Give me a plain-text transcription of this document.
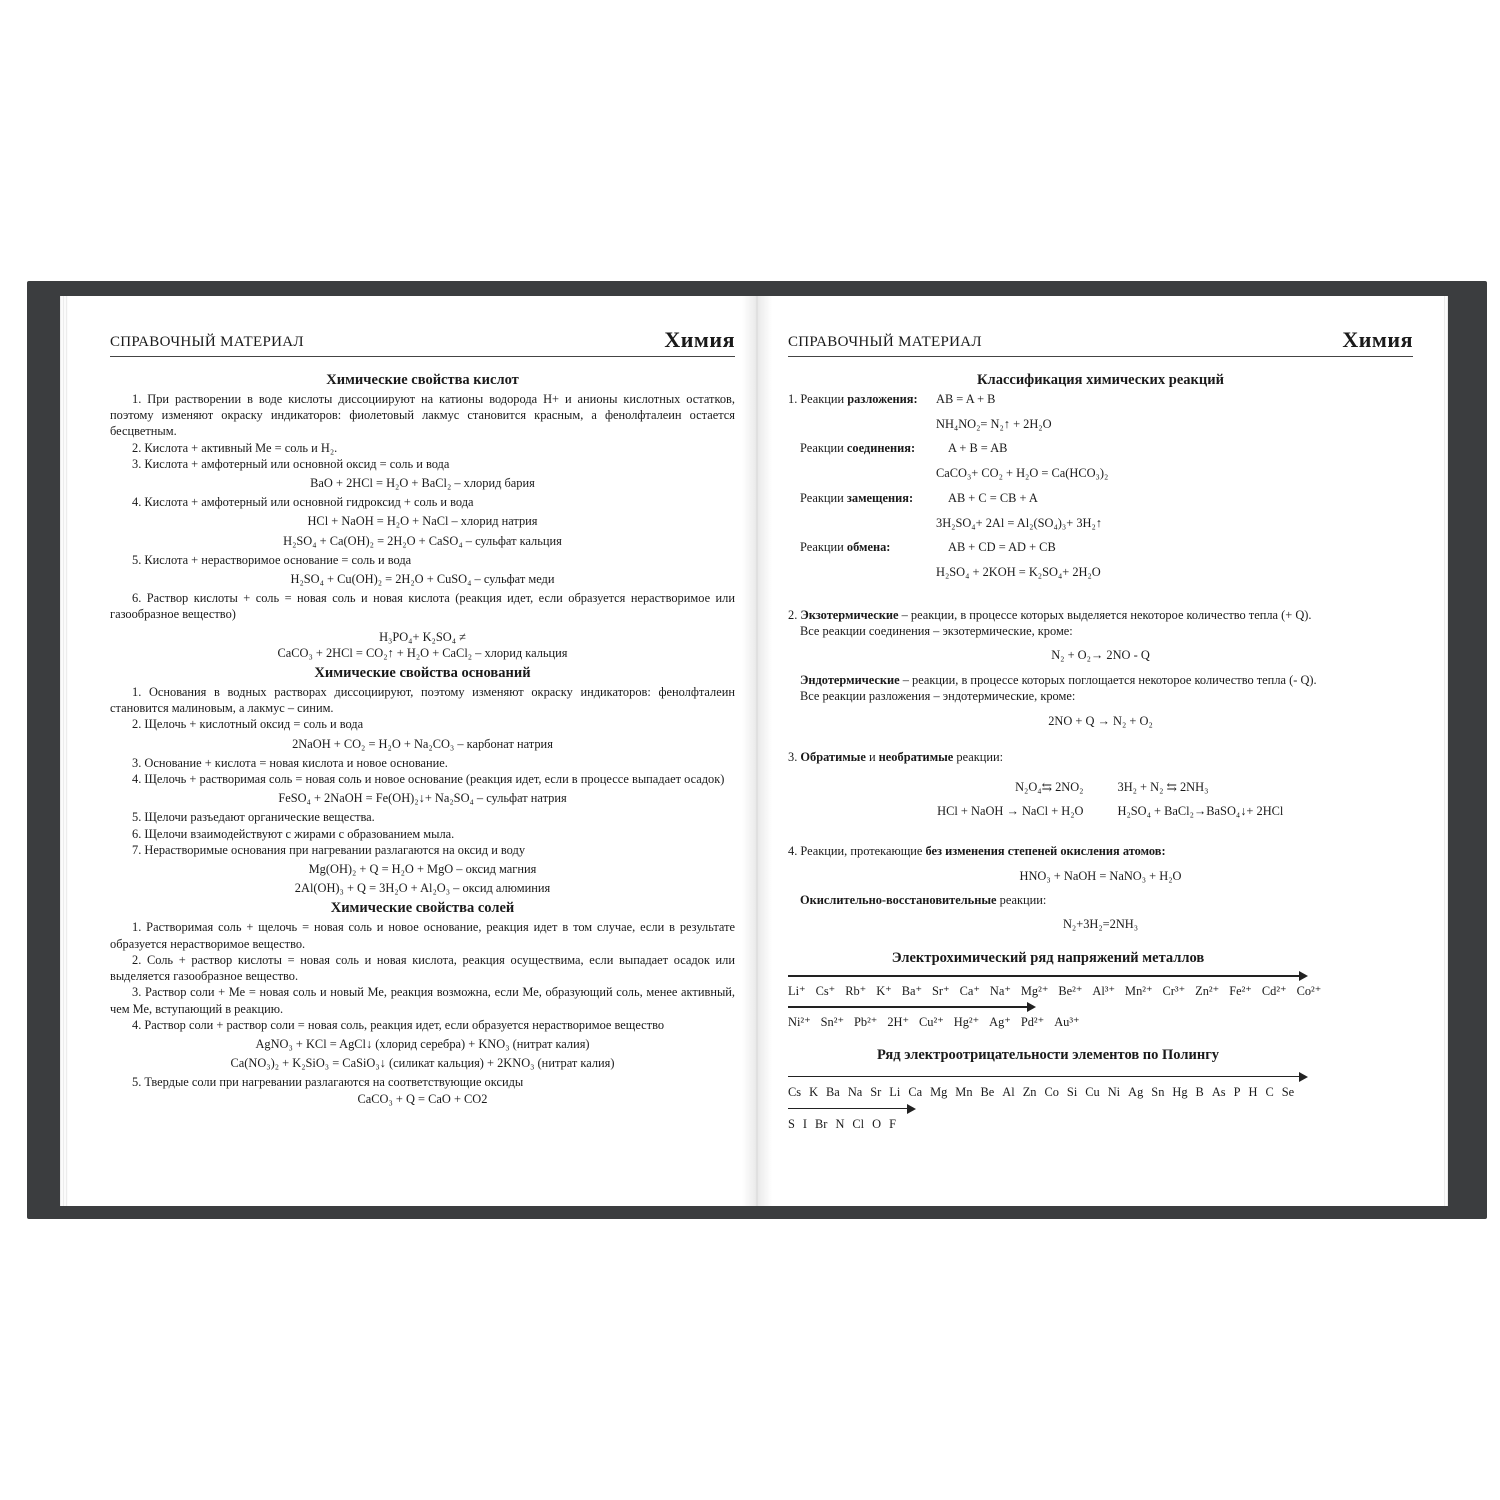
СПРАВОЧНЫЙ МАТЕРИАЛ	Химия	СПРАВОЧНЫЙ МАТЕРИАЛ	Химия
Химические свойства кислот

1. При растворении в воде кислоты диссоциируют на катионы водорода H+ и анионы кислотных остатков, поэтому изменяют окраску индикаторов: фиолетовый лакмус становится красным, а фенолфталеин остается бесцветным.

2. Кислота + активный Ме = соль и H₂.

3. Кислота + амфотерный или основной оксид = соль и вода

BaO + 2HCl = H₂O + BaCl₂ – хлорид бария

4. Кислота + амфотерный или основной гидроксид + соль и вода

HCl + NaOH = H₂O + NaCl – хлорид натрия
H₂SO₄ + Ca(OH)₂ = 2H₂O + CaSO₄ – сульфат кальция

5. Кислота + нерастворимое основание = соль и вода

H₂SO₄ + Cu(OH)₂ = 2H₂O + CuSO₄ – сульфат меди

6. Раствор кислоты + соль = новая соль и новая кислота (реакция идет, если образуется нерастворимое или газообразное вещество)

H₃PO₄+ K₂SO₄ ≠
CaCO₃ + 2HCl = CO₂↑ + H₂O + CaCl₂ – хлорид кальция
Химические свойства оснований

1. Основания в водных растворах диссоциируют, поэтому изменяют окраску индикаторов: фенолфталеин становится малиновым, а лакмус – синим.

2. Щелочь + кислотный оксид = соль и вода

2NaOH + CO₂ = H₂O + Na₂CO₃ – карбонат натрия

3. Основание + кислота = новая кислота и новое основание.

4. Щелочь + растворимая соль = новая соль и новое основание (реакция идет, если в процессе выпадает осадок)

FeSO₄ + 2NaOH = Fe(OH)₂↓+ Na₂SO₄ – сульфат натрия

5. Щелочи разъедают органические вещества.

6. Щелочи взаимодействуют с жирами с образованием мыла.

7. Нерастворимые основания при нагревании разлагаются на оксид и воду

Mg(OH)₂ + Q = H₂O + MgO – оксид магния
2Al(OH)₃ + Q = 3H₂O + Al₂O₃ – оксид алюминия
Химические свойства солей

1. Растворимая соль + щелочь = новая соль и новое основание, реакция идет в том случае, если в результате образуется нерастворимое вещество.

2. Соль + раствор кислоты = новая соль и новая кислота, реакция осуществима, если выпадает осадок или выделяется газообразное вещество.

3. Раствор соли + Ме = новая соль и новый Ме, реакция возможна, если Ме, образующий соль, менее активный, чем Ме, вступающий в реакцию.

4. Раствор соли + раствор соли = новая соль, реакция идет, если образуется нерастворимое вещество

AgNO₃ + KCl = AgCl↓ (хлорид серебра) + KNO₃ (нитрат калия)
Ca(NO₃)₂ + K₂SiO₃ = CaSiO₃↓ (силикат кальция) + 2KNO₃ (нитрат калия)

5. Твердые соли при нагревании разлагаются на соответствующие оксиды

CaCO₃ + Q = CaO + CO2
Классификация химических реакций
1. Реакции разложения:	AB = A + B
NH₄NO₂= N₂↑ + 2H₂O
Реакции соединения:	A + B = AB
CaCO₃+ CO₂ + H₂O = Ca(HCO₃)₂
Реакции замещения:	AB + C = CB + A
3H₂SO₄+ 2Al = Al₂(SO₄)₃+ 3H₂↑
Реакции обмена:	AB + CD = AD + CB
H₂SO₄ + 2KOH = K₂SO₄+ 2H₂O
2. Экзотермические – реакции, в процессе которых выделяется некоторое количество тепла (+ Q).
Все реакции соединения – экзотермические, кроме:
N₂ + O₂→ 2NO - Q
Эндотермические – реакции, в процессе которых поглощается некоторое количество тепла (- Q).
Все реакции разложения – эндотермические, кроме:
2NO + Q → N₂ + O₂
3. Обратимые и необратимые реакции:
N₂O₄⇆ 2NO₂	3H₂ + N₂ ⇆ 2NH₃
HCl + NaOH → NaCl + H₂O	H₂SO₄ + BaCl₂→BaSO₄↓+ 2HCl
4. Реакции, протекающие без изменения степеней окисления атомов:
HNO₃ + NaOH = NaNO₃ + H₂O
Окислительно-восстановительные реакции:
N₂+3H₂=2NH₃
Электрохимический ряд напряжений металлов
Li⁺ Cs⁺ Rb⁺ K⁺ Ba⁺ Sr⁺ Ca⁺ Na⁺ Mg²⁺ Be²⁺ Al³⁺ Mn²⁺ Cr³⁺ Zn²⁺ Fe²⁺ Cd²⁺ Co²⁺
Ni²⁺ Sn²⁺ Pb²⁺ 2H⁺ Cu²⁺ Hg²⁺ Ag⁺ Pd²⁺ Au³⁺
Ряд электроотрицательности элементов по Полингу
Cs K Ba Na Sr Li Ca Mg Mn Be Al Zn Co Si Cu Ni Ag Sn Hg B As P H C Se
S I Br N Cl O F
